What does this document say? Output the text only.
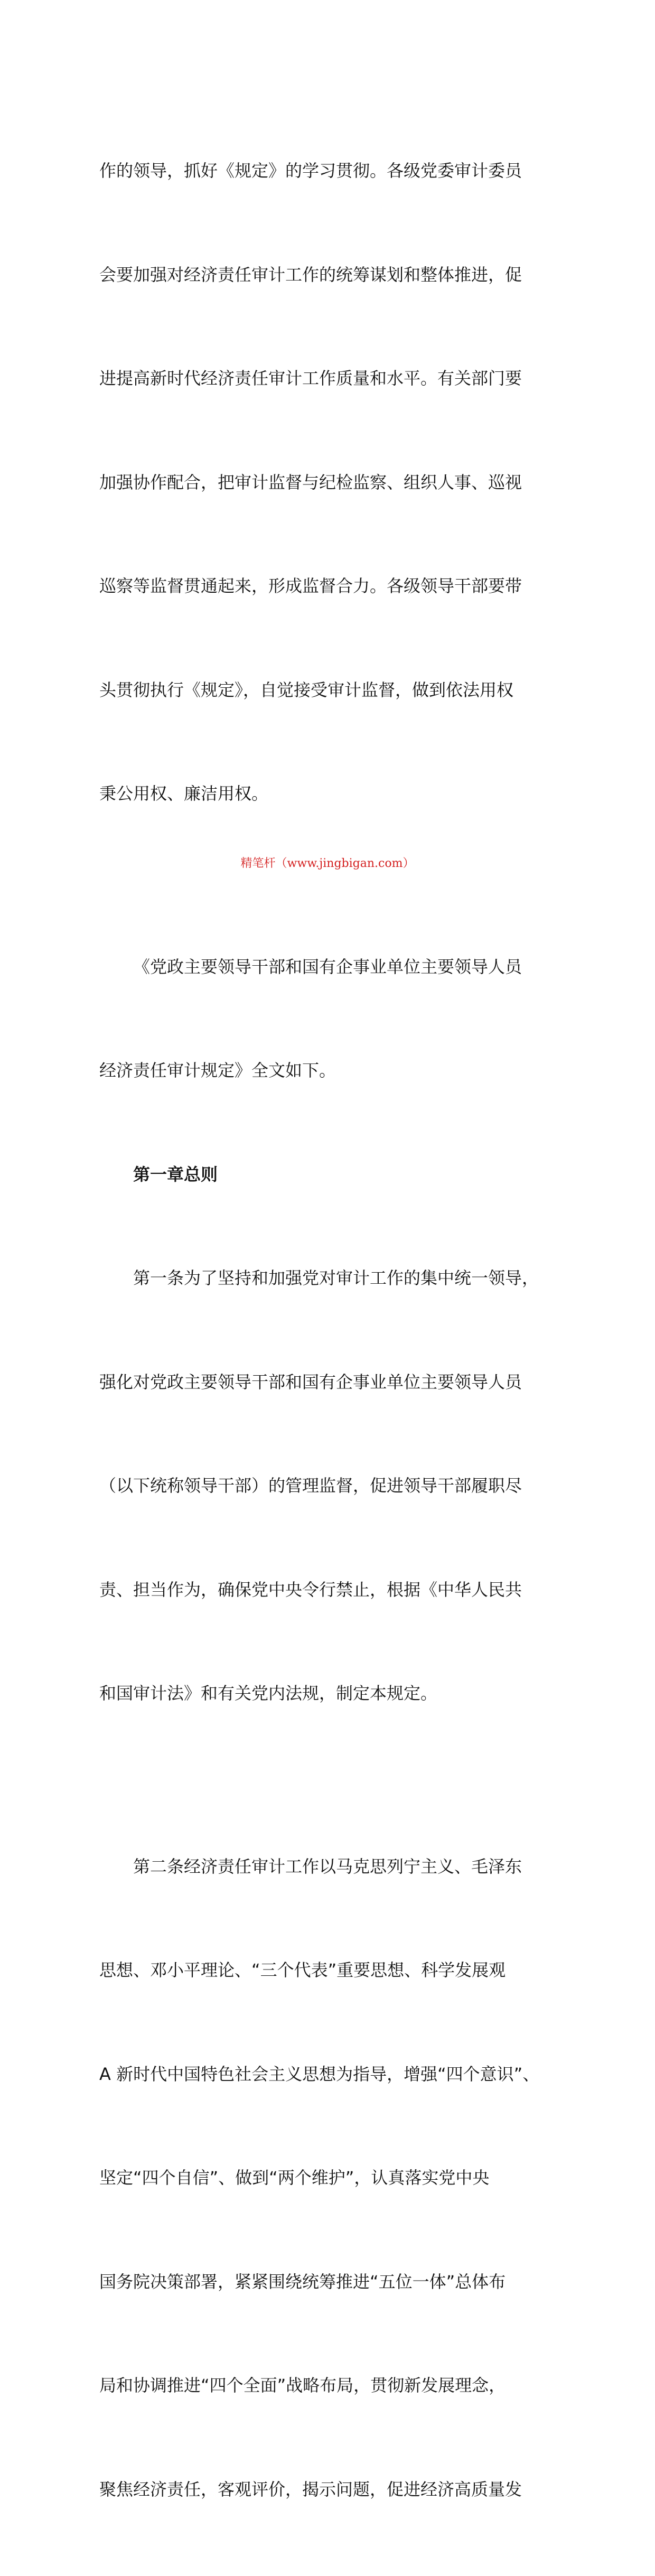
作的领导，抓好《规定》的学习贯彻。各级党委审计委员

会要加强对经济责任审计工作的统筹谋划和整体推进，促

进提高新时代经济责任审计工作质量和水平。有关部门要

加强协作配合，把审计监督与纪检监察、组织人事、巡视

巡察等监督贯通起来，形成监督合力。各级领导干部要带

头贯彻执行《规定》，自觉接受审计监督，做到依法用权

秉公用权、廉洁用权。

《党政主要领导干部和国有企事业单位主要领导人员

经济责任审计规定》全文如下。

第一章总则

第一条为了坚持和加强党对审计工作的集中统一领导，

强化对党政主要领导干部和国有企事业单位主要领导人员

（以下统称领导干部）的管理监督，促进领导干部履职尽

责、担当作为，确保党中央令行禁止，根据《中华人民共

和国审计法》和有关党内法规，制定本规定。

第二条经济责任审计工作以马克思列宁主义、毛泽东

思想、邓小平理论、“三个代表”重要思想、科学发展观

A 新时代中国特色社会主义思想为指导，增强“四个意识”、

坚定“四个自信”、做到“两个维护”，认真落实党中央

国务院决策部署，紧紧围绕统筹推进“五位一体”总体布

局和协调推进“四个全面”战略布局，贯彻新发展理念，

聚焦经济责任，客观评价，揭示问题，促进经济高质量发

精笔杆（www.jingbigan.com）
